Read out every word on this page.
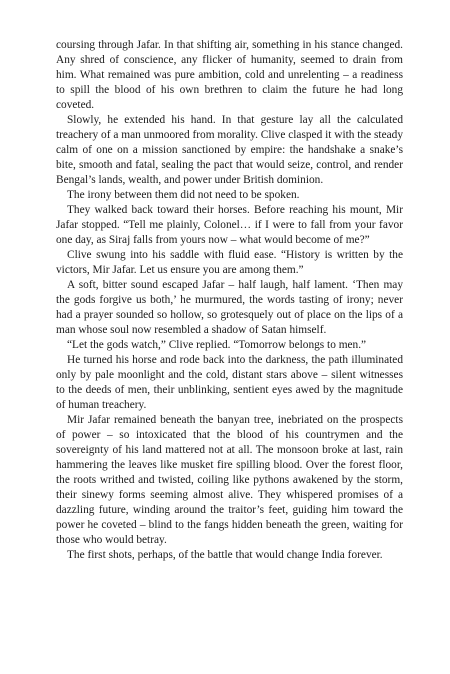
coursing through Jafar. In that shifting air, something in his stance changed. Any shred of conscience, any flicker of humanity, seemed to drain from him. What remained was pure ambition, cold and unrelenting – a readiness to spill the blood of his own brethren to claim the future he had long coveted.

Slowly, he extended his hand. In that gesture lay all the calculated treachery of a man unmoored from morality. Clive clasped it with the steady calm of one on a mission sanctioned by empire: the handshake a snake’s bite, smooth and fatal, sealing the pact that would seize, control, and render Bengal’s lands, wealth, and power under British dominion.

The irony between them did not need to be spoken.

They walked back toward their horses. Before reaching his mount, Mir Jafar stopped. “Tell me plainly, Colonel… if I were to fall from your favor one day, as Siraj falls from yours now – what would become of me?”

Clive swung into his saddle with fluid ease. “History is written by the victors, Mir Jafar. Let us ensure you are among them.”

A soft, bitter sound escaped Jafar – half laugh, half lament. ‘Then may the gods forgive us both,’ he murmured, the words tasting of irony; never had a prayer sounded so hollow, so grotesquely out of place on the lips of a man whose soul now resembled a shadow of Satan himself.

“Let the gods watch,” Clive replied. “Tomorrow belongs to men.”

He turned his horse and rode back into the darkness, the path illuminated only by pale moonlight and the cold, distant stars above – silent witnesses to the deeds of men, their unblinking, sentient eyes awed by the magnitude of human treachery.

Mir Jafar remained beneath the banyan tree, inebriated on the prospects of power – so intoxicated that the blood of his countrymen and the sovereignty of his land mattered not at all. The monsoon broke at last, rain hammering the leaves like musket fire spilling blood. Over the forest floor, the roots writhed and twisted, coiling like pythons awakened by the storm, their sinewy forms seeming almost alive. They whispered promises of a dazzling future, winding around the traitor’s feet, guiding him toward the power he coveted – blind to the fangs hidden beneath the green, waiting for those who would betray.

The first shots, perhaps, of the battle that would change India forever.
